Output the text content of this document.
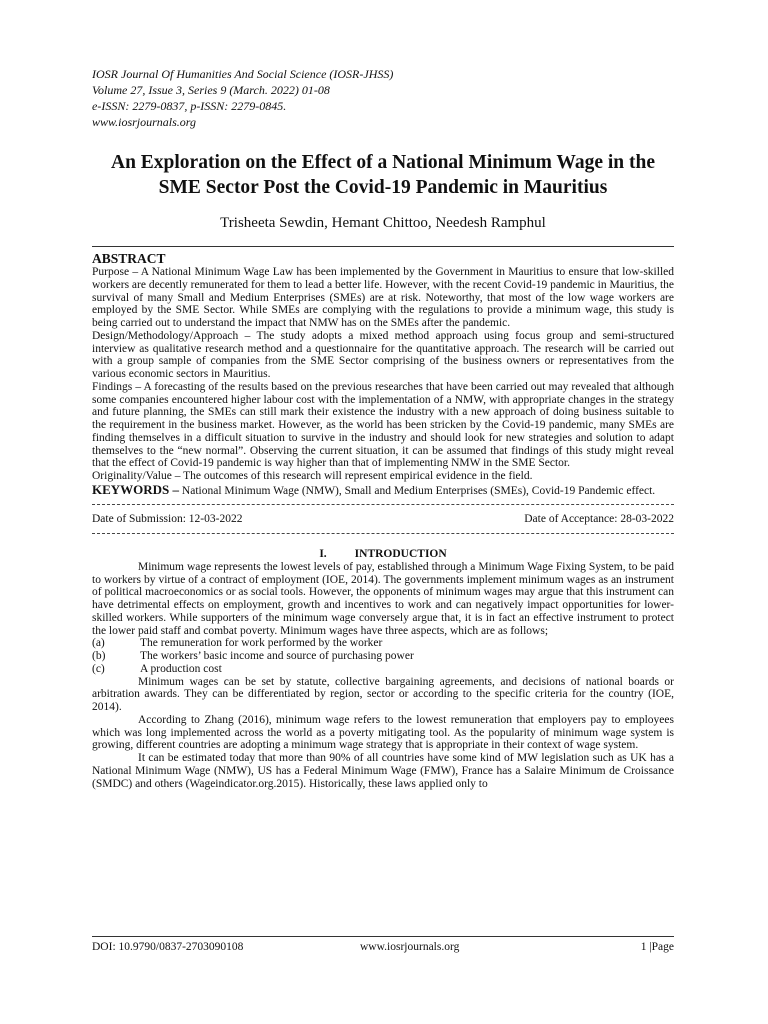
IOSR Journal Of Humanities And Social Science (IOSR-JHSS)

Volume 27, Issue 3, Series 9 (March. 2022) 01-08

e-ISSN: 2279-0837, p-ISSN: 2279-0845.

www.iosrjournals.org

An Exploration on the Effect of a National Minimum Wage in the SME Sector Post the Covid-19 Pandemic in Mauritius

Trisheeta Sewdin, Hemant Chittoo, Needesh Ramphul

ABSTRACT

Purpose – A National Minimum Wage Law has been implemented by the Government in Mauritius to ensure that low-skilled workers are decently remunerated for them to lead a better life. However, with the recent Covid-19 pandemic in Mauritius, the survival of many Small and Medium Enterprises (SMEs) are at risk. Noteworthy, that most of the low wage workers are employed by the SME Sector. While SMEs are complying with the regulations to provide a minimum wage, this study is being carried out to understand the impact that NMW has on the SMEs after the pandemic.

Design/Methodology/Approach – The study adopts a mixed method approach using focus group and semi-structured interview as qualitative research method and a questionnaire for the quantitative approach. The research will be carried out with a group sample of companies from the SME Sector comprising of the business owners or representatives from the various economic sectors in Mauritius.

Findings – A forecasting of the results based on the previous researches that have been carried out may revealed that although some companies encountered higher labour cost with the implementation of a NMW, with appropriate changes in the strategy and future planning, the SMEs can still mark their existence the industry with a new approach of doing business suitable to the requirement in the business market. However, as the world has been stricken by the Covid-19 pandemic, many SMEs are finding themselves in a difficult situation to survive in the industry and should look for new strategies and solution to adapt themselves to the “new normal”. Observing the current situation, it can be assumed that findings of this study might reveal that the effect of Covid-19 pandemic is way higher than that of implementing NMW in the SME Sector.

Originality/Value – The outcomes of this research will represent empirical evidence in the field.

KEYWORDS – National Minimum Wage (NMW), Small and Medium Enterprises (SMEs), Covid-19 Pandemic effect.

Date of Submission: 12-03-2022	Date of Acceptance: 28-03-2022
I. INTRODUCTION

Minimum wage represents the lowest levels of pay, established through a Minimum Wage Fixing System, to be paid to workers by virtue of a contract of employment (IOE, 2014). The governments implement minimum wages as an instrument of political macroeconomics or as social tools. However, the opponents of minimum wages may argue that this instrument can have detrimental effects on employment, growth and incentives to work and can negatively impact opportunities for lower-skilled workers. While supporters of the minimum wage conversely argue that, it is in fact an effective instrument to protect the lower paid staff and combat poverty. Minimum wages have three aspects, which are as follows;

(a)	The remuneration for work performed by the worker
(b)	The workers’ basic income and source of purchasing power
(c)	A production cost

Minimum wages can be set by statute, collective bargaining agreements, and decisions of national boards or arbitration awards. They can be differentiated by region, sector or according to the specific criteria for the country (IOE, 2014).

According to Zhang (2016), minimum wage refers to the lowest remuneration that employers pay to employees which was long implemented across the world as a poverty mitigating tool. As the popularity of minimum wage system is growing, different countries are adopting a minimum wage strategy that is appropriate in their context of wage system.

It can be estimated today that more than 90% of all countries have some kind of MW legislation such as UK has a National Minimum Wage (NMW), US has a Federal Minimum Wage (FMW), France has a Salaire Minimum de Croissance (SMDC) and others (Wageindicator.org.2015). Historically, these laws applied only to

DOI: 10.9790/0837-2703090108	www.iosrjournals.org	1 |Page
